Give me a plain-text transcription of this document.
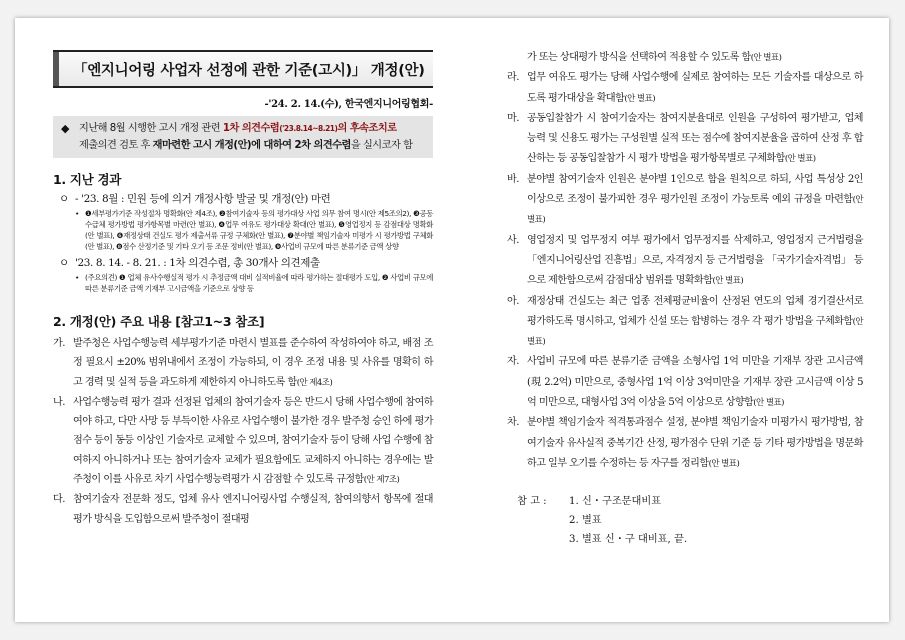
「엔지니어링 사업자 선정에 관한 기준(고시)」 개정(안)
-'24. 2. 14.(수), 한국엔지니어링협회-
◆ 지난해 8월 시행한 고시 개정 관련 1차 의견수렴('23.8.14~8.21)의 후속조치로
제출의견 검토 후 재마련한 고시 개정(안)에 대하여 2차 의견수렴을 실시코자 함
1. 지난 경과
ㅇ - '23. 8월 : 민원 등에 의거 개정사항 발굴 및 개정(안) 마련
• ❶세부평가기준 작성절차 명확화(안 제4조), ❷참여기술자 등의 평가대상 사업 의무 참여 명시(안 제5조의2), ❸공동수급체 평가방법 평가항목별 마련(안 별표), ❹업무 여유도 평가대상 확대(안 별표), ❺영업정지 등 감점대상 명확화(안 별표), ❻재정상태 건실도 평가 제출서류 규정 구체화(안 별표), ❼분야별 책임기술자 미평가 시 평가방법 구체화(안 별표), ❽점수 산정기준 및 기타 오기 등 조문 정비(안 별표), ❾사업비 규모에 따른 분류기준 금액 상향
ㅇ '23. 8. 14. - 8. 21. : 1차 의견수렴, 총 30개사 의견제출
• (주요의견) ❶ 업체 유사수행실적 평가 시 추정금액 대비 실적비율에 따라 평가하는 절대평가 도입, ❷ 사업비 규모에 따른 분류기준 금액 기재부 고시금액을 기준으로 상향 등
2. 개정(안) 주요 내용 [참고1~3 참조]
가. 발주청은 사업수행능력 세부평가기준 마련시 별표를 준수하여 작성하여야 하고, 배점 조정 필요시 ±20% 범위내에서 조정이 가능하되, 이 경우 조정 내용 및 사유를 명확히 하고 경력 및 실적 등을 과도하게 제한하지 아니하도록 함(안 제4조)
나. 사업수행능력 평가 결과 선정된 업체의 참여기술자 등은 반드시 당해 사업수행에 참여하여야 하고, 다만 사망 등 부득이한 사유로 사업수행이 불가한 경우 발주청 승인 하에 평가점수 등이 동등 이상인 기술자로 교체할 수 있으며, 참여기술자 등이 당해 사업 수행에 참여하지 아니하거나 또는 참여기술자 교체가 필요함에도 교체하지 아니하는 경우에는 발주청이 이를 사유로 차기 사업수행능력평가 시 감점할 수 있도록 규정함(안 제7조)
다. 참여기술자 전문화 정도, 업체 유사 엔지니어링사업 수행실적, 참여의향서 항목에 절대평가 방식을 도입함으로써 발주청이 절대평
가 또는 상대평가 방식을 선택하여 적용할 수 있도록 함(안 별표)
라. 업무 여유도 평가는 당해 사업수행에 실제로 참여하는 모든 기술자를 대상으로 하도록 평가대상을 확대함(안 별표)
마. 공동입찰참가 시 참여기술자는 참여지분율대로 인원을 구성하여 평가받고, 업체 능력 및 신용도 평가는 구성원별 실적 또는 점수에 참여지분율을 곱하여 산정 후 합산하는 등 공동입찰참가 시 평가 방법을 평가항목별로 구체화함(안 별표)
바. 분야별 참여기술자 인원은 분야별 1인으로 함을 원칙으로 하되, 사업 특성상 2인 이상으로 조정이 불가피한 경우 평가인원 조정이 가능토록 예외 규정을 마련함(안 별표)
사. 영업정지 및 업무정지 여부 평가에서 업무정지를 삭제하고, 영업정지 근거법령을 「엔지니어링산업 진흥법」으로, 자격정지 등 근거법령을 「국가기술자격법」 등으로 제한함으로써 감점대상 범위를 명확화함(안 별표)
아. 재정상태 건실도는 최근 업종 전체평균비율이 산정된 연도의 업체 경기결산서로 평가하도록 명시하고, 업체가 신설 또는 합병하는 경우 각 평가 방법을 구체화함(안 별표)
자. 사업비 규모에 따른 분류기준 금액을 소형사업 1억 미만을 기재부 장관 고시금액(現 2.2억) 미만으로, 중형사업 1억 이상 3억미만을 기재부 장관 고시금액 이상 5억 미만으로, 대형사업 3억 이상을 5억 이상으로 상향함(안 별표)
차. 분야별 책임기술자 적격통과점수 설정, 분야별 책임기술자 미평가시 평가방법, 참여기술자 유사실적 중복기간 산정, 평가점수 단위 기준 등 기타 평가방법을 명문화하고 일부 오기를 수정하는 등 자구를 정리함(안 별표)
참 고 :	1. 신・구조문대비표
2. 별표
3. 별표 신・구 대비표, 끝.
